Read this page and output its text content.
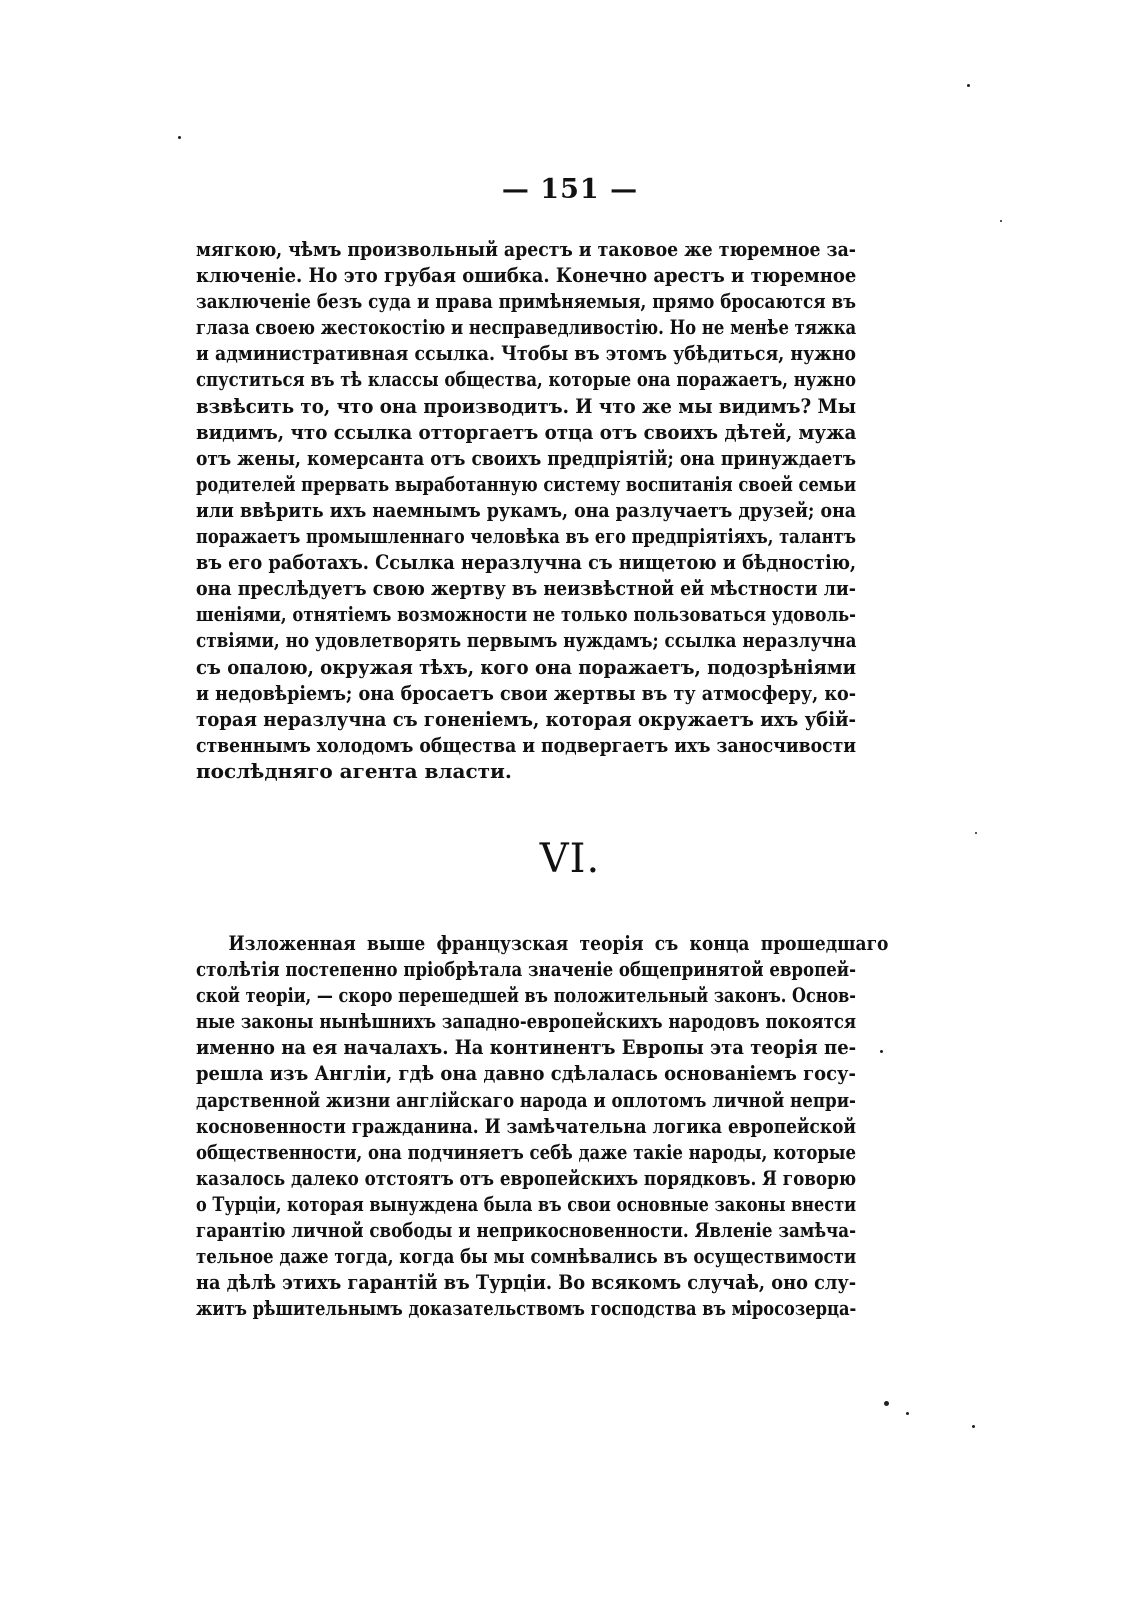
— 151 —
мягкою, чѣмъ произвольный арестъ и таковое же тюремное за-
ключеніе. Но это грубая ошибка. Конечно арестъ и тюремное
заключеніе безъ суда и права примѣняемыя, прямо бросаются въ
глаза своею жестокостію и несправедливостію. Но не менѣе тяжка
и административная ссылка. Чтобы въ этомъ убѣдиться, нужно
спуститься въ тѣ классы общества, которые она поражаетъ, нужно
взвѣсить то, что она производитъ. И что же мы видимъ? Мы
видимъ, что ссылка отторгаетъ отца отъ своихъ дѣтей, мужа
отъ жены, комерсанта отъ своихъ предпріятій; она принуждаетъ
родителей прервать выработанную систему воспитанія своей семьи
или ввѣрить ихъ наемнымъ рукамъ, она разлучаетъ друзей; она
поражаетъ промышленнаго человѣка въ его предпріятіяхъ, талантъ
въ его работахъ. Ссылка неразлучна съ нищетою и бѣдностію,
она преслѣдуетъ свою жертву въ неизвѣстной ей мѣстности ли-
шеніями, отнятіемъ возможности не только пользоваться удоволь-
ствіями, но удовлетворять первымъ нуждамъ; ссылка неразлучна
съ опалою, окружая тѣхъ, кого она поражаетъ, подозрѣніями
и недовѣріемъ; она бросаетъ свои жертвы въ ту атмосферу, ко-
торая неразлучна съ гоненіемъ, которая окружаетъ ихъ убій-
ственнымъ холодомъ общества и подвергаетъ ихъ заносчивости
послѣдняго агента власти.
VI.
Изложенная выше французская теорія съ конца прошедшаго
столѣтія постепенно пріобрѣтала значеніе общепринятой европей-
ской теоріи, — скоро перешедшей въ положительный законъ. Основ-
ные законы нынѣшнихъ западно-европейскихъ народовъ покоятся
именно на ея началахъ. На континентъ Европы эта теорія пе-
решла изъ Англіи, гдѣ она давно сдѣлалась основаніемъ госу-
дарственной жизни англійскаго народа и оплотомъ личной непри-
косновенности гражданина. И замѣчательна логика европейской
общественности, она подчиняетъ себѣ даже такіе народы, которые
казалось далеко отстоятъ отъ европейскихъ порядковъ. Я говорю
о Турціи, которая вынуждена была въ свои основные законы внести
гарантію личной свободы и неприкосновенности. Явленіе замѣча-
тельное даже тогда, когда бы мы сомнѣвались въ осуществимости
на дѣлѣ этихъ гарантій въ Турціи. Во всякомъ случаѣ, оно слу-
житъ рѣшительнымъ доказательствомъ господства въ міросозерца-
